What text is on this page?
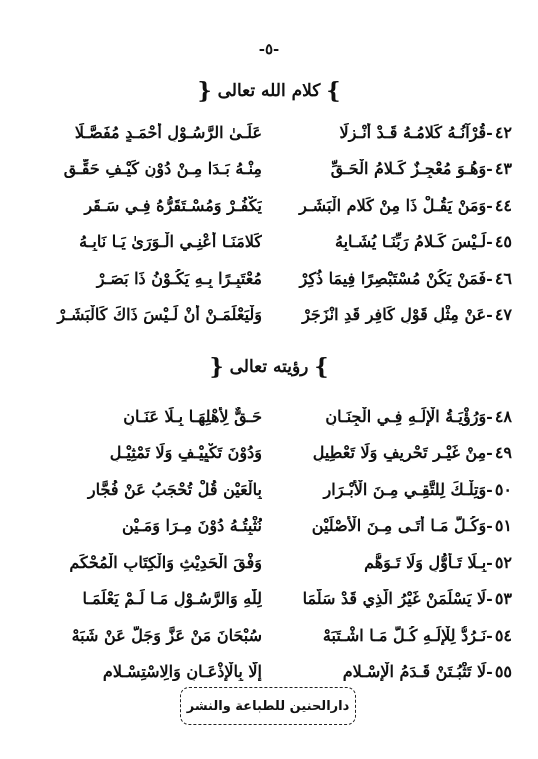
-٥-
}كلام الله تعالى{
٤٢-قُرْآنُـهُ كَلامُـهُ قَـدْ أُنْـزِلَا
عَلَـىٰ الرَّسُـوْلِ أَحْمَـدٍ مُفَصَّـلَا
٤٣-وَهُـوَ مُعْجِـزٌ كَـلامُ الْحَـقِّ
مِنْـهُ بَـدَا مِـنْ دُوْنِ كَيْـفِ حَقِّـقِ
٤٤-وَمَنْ يَقُـلْ ذَا مِنْ كَلامِ الْبَشَـرِ
يَكْفُـرْ وَمُسْـتَقَرُّهُ فِـي سَـقَرِ
٤٥-لَـيْسَ كَـلامُ رَبِّنَـا يُشَـابِهُ
كَلامَنَـا أَعْنِـي الْـوَرَىٰ يَـا نَابِـهُ
٤٦-فَمَنْ يَكُنْ مُسْتَبْصِرًا فِيمَا ذُكِرْ
مُعْتَبِـرًا بِـهِ يَكُـوْنُ ذَا بَصَـرْ
٤٧-عَنْ مِثْلِ قَوْلِ كَافِرٍ قَدِ انْزَجَرْ
وَلْيَعْلَمَـنْ أَنْ لَـيْسَ ذَاكَ كَالْبَشَـرْ
}رؤيته تعالى{
٤٨-وَرُؤْيَـةُ الْإِلَـهِ فِـي الْجِنَـانِ
حَـقٌّ لِأَهْلِهَـا بِـلَا عَنَـانِ
٤٩-مِنْ غَيْـرِ تَحْرِيفٍ وَلَا تَعْطِيلِ
وَدُوْنَ تَكْيِيْـفٍ وَلَا تَمْثِيْـلِ
٥٠-وَتِلْـكَ لِلتَّقِـي مِـنَ الْأَبْـرَارِ
بِالْعَيْنِ قُلْ تُحْجَبُ عَنْ فُجَّارِ
٥١-وَكُـلُّ مَـا أَتَـى مِـنَ الْأَصْلَيْنِ
نُثْبِتُـهُ دُوْنَ مِـرَا وَمَـيْنِ
٥٢-بِـلَا تَـأَوُّلٍ وَلَا تَـوَهُّمِ
وَفْقَ الْحَدِيْثِ وَالْكِتَابِ الْمُحْكَمِ
٥٣-لَا يَسْلَمَنْ غَيْرُ الَّذِي قَدْ سَلَّمَا
لِلّٰهِ وَالرَّسُـوْلِ مَـا لَـمْ يَعْلَمَـا
٥٤-نَـرُدُّ لِلْإِلَـهِ كُـلَّ مَـا اشْـتَبَهْ
سُبْحَانَ مَنْ عَزَّ وَجَلَّ عَنْ شَبَهْ
٥٥-لَا تَثْبُـتَنْ قَـدَمُ الْإِسْـلامِ
إِلَّا بِالْإِذْعَـانِ وَالِاسْتِسْـلامِ
دارالحنين للطباعة والنشر
